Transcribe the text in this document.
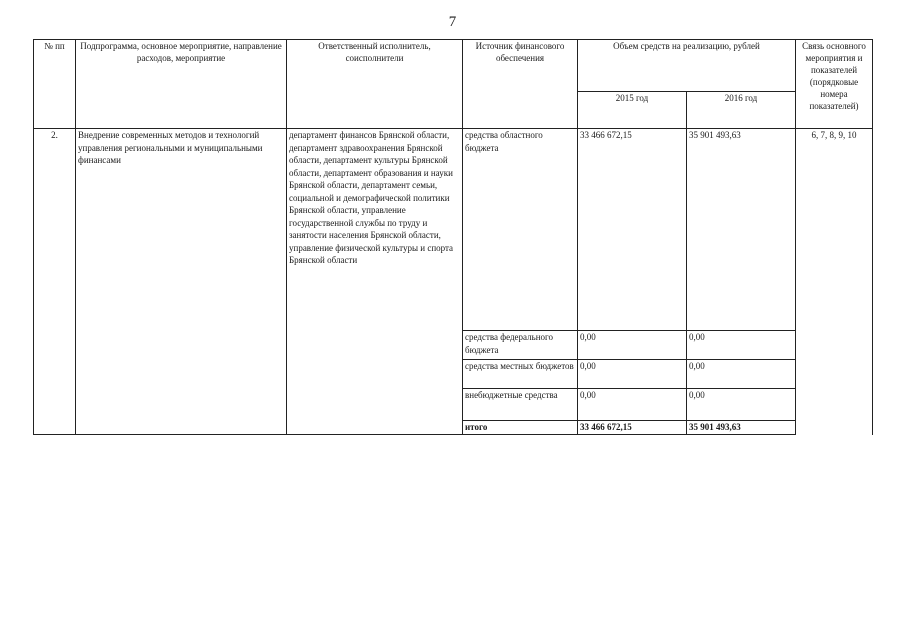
7
№ пп	Подпрограмма, основное мероприятие, направление расходов, мероприятие	Ответственный исполнитель, соисполнители	Источник финансового обеспечения	Объем средств на реализацию, рублей		Связь основного мероприятия и показателей (порядковые номера показателей)
				2015 год	2016 год	
2.	Внедрение современных методов и технологий управления региональными и муниципальными финансами	департамент финансов Брянской области, департамент здравоохранения Брянской области, департамент культуры Брянской области, департамент образования и науки Брянской области, департамент семьи, социальной и демографической политики Брянской области, управление государственной службы по труду и занятости населения Брянской области, управление физической культуры и спорта Брянской области	средства областного бюджета	33 466 672,15	35 901 493,63	6, 7, 8, 9, 10
			средства федерального бюджета	0,00	0,00	
			средства местных бюджетов	0,00	0,00	
			внебюджетные средства	0,00	0,00	
			итого	33 466 672,15	35 901 493,63	
